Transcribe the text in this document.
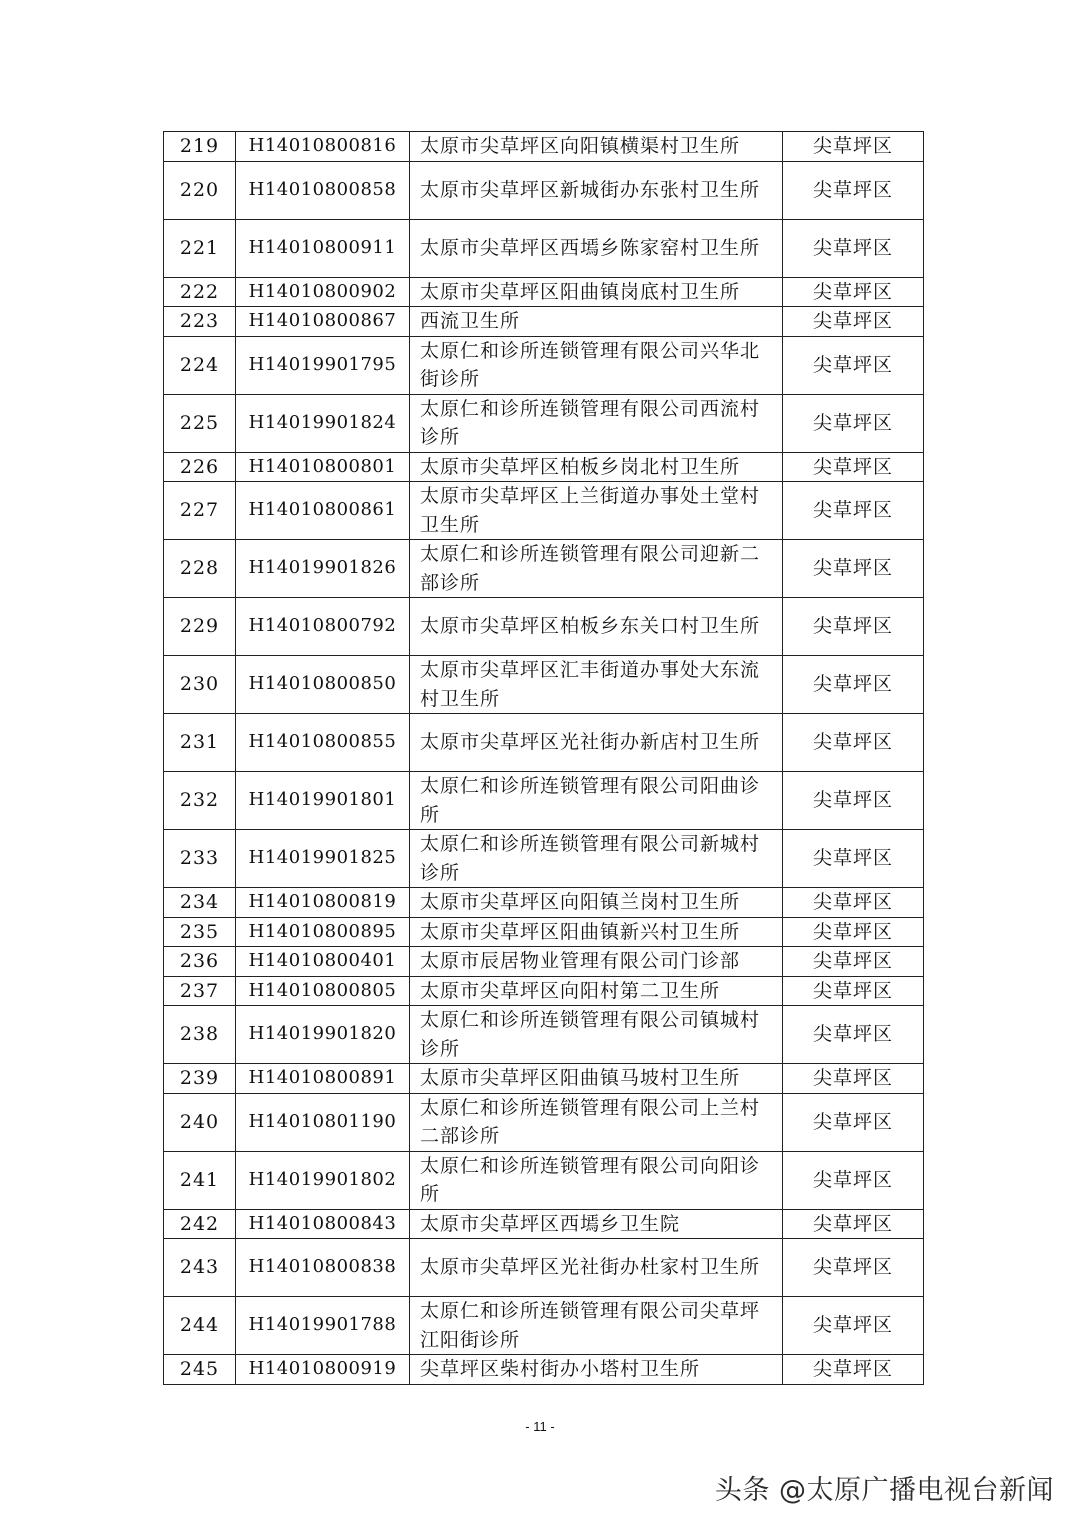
219	H14010800816	太原市尖草坪区向阳镇横渠村卫生所	尖草坪区
220	H14010800858	太原市尖草坪区新城街办东张村卫生所	尖草坪区
221	H14010800911	太原市尖草坪区西墕乡陈家窑村卫生所	尖草坪区
222	H14010800902	太原市尖草坪区阳曲镇岗底村卫生所	尖草坪区
223	H14010800867	西流卫生所	尖草坪区
224	H14019901795	太原仁和诊所连锁管理有限公司兴华北街诊所	尖草坪区
225	H14019901824	太原仁和诊所连锁管理有限公司西流村诊所	尖草坪区
226	H14010800801	太原市尖草坪区柏板乡岗北村卫生所	尖草坪区
227	H14010800861	太原市尖草坪区上兰街道办事处土堂村卫生所	尖草坪区
228	H14019901826	太原仁和诊所连锁管理有限公司迎新二部诊所	尖草坪区
229	H14010800792	太原市尖草坪区柏板乡东关口村卫生所	尖草坪区
230	H14010800850	太原市尖草坪区汇丰街道办事处大东流村卫生所	尖草坪区
231	H14010800855	太原市尖草坪区光社街办新店村卫生所	尖草坪区
232	H14019901801	太原仁和诊所连锁管理有限公司阳曲诊所	尖草坪区
233	H14019901825	太原仁和诊所连锁管理有限公司新城村诊所	尖草坪区
234	H14010800819	太原市尖草坪区向阳镇兰岗村卫生所	尖草坪区
235	H14010800895	太原市尖草坪区阳曲镇新兴村卫生所	尖草坪区
236	H14010800401	太原市辰居物业管理有限公司门诊部	尖草坪区
237	H14010800805	太原市尖草坪区向阳村第二卫生所	尖草坪区
238	H14019901820	太原仁和诊所连锁管理有限公司镇城村诊所	尖草坪区
239	H14010800891	太原市尖草坪区阳曲镇马坡村卫生所	尖草坪区
240	H14010801190	太原仁和诊所连锁管理有限公司上兰村二部诊所	尖草坪区
241	H14019901802	太原仁和诊所连锁管理有限公司向阳诊所	尖草坪区
242	H14010800843	太原市尖草坪区西墕乡卫生院	尖草坪区
243	H14010800838	太原市尖草坪区光社街办杜家村卫生所	尖草坪区
244	H14019901788	太原仁和诊所连锁管理有限公司尖草坪江阳街诊所	尖草坪区
245	H14010800919	尖草坪区柴村街办小塔村卫生所	尖草坪区
- 11 -
头条 @太原广播电视台新闻
